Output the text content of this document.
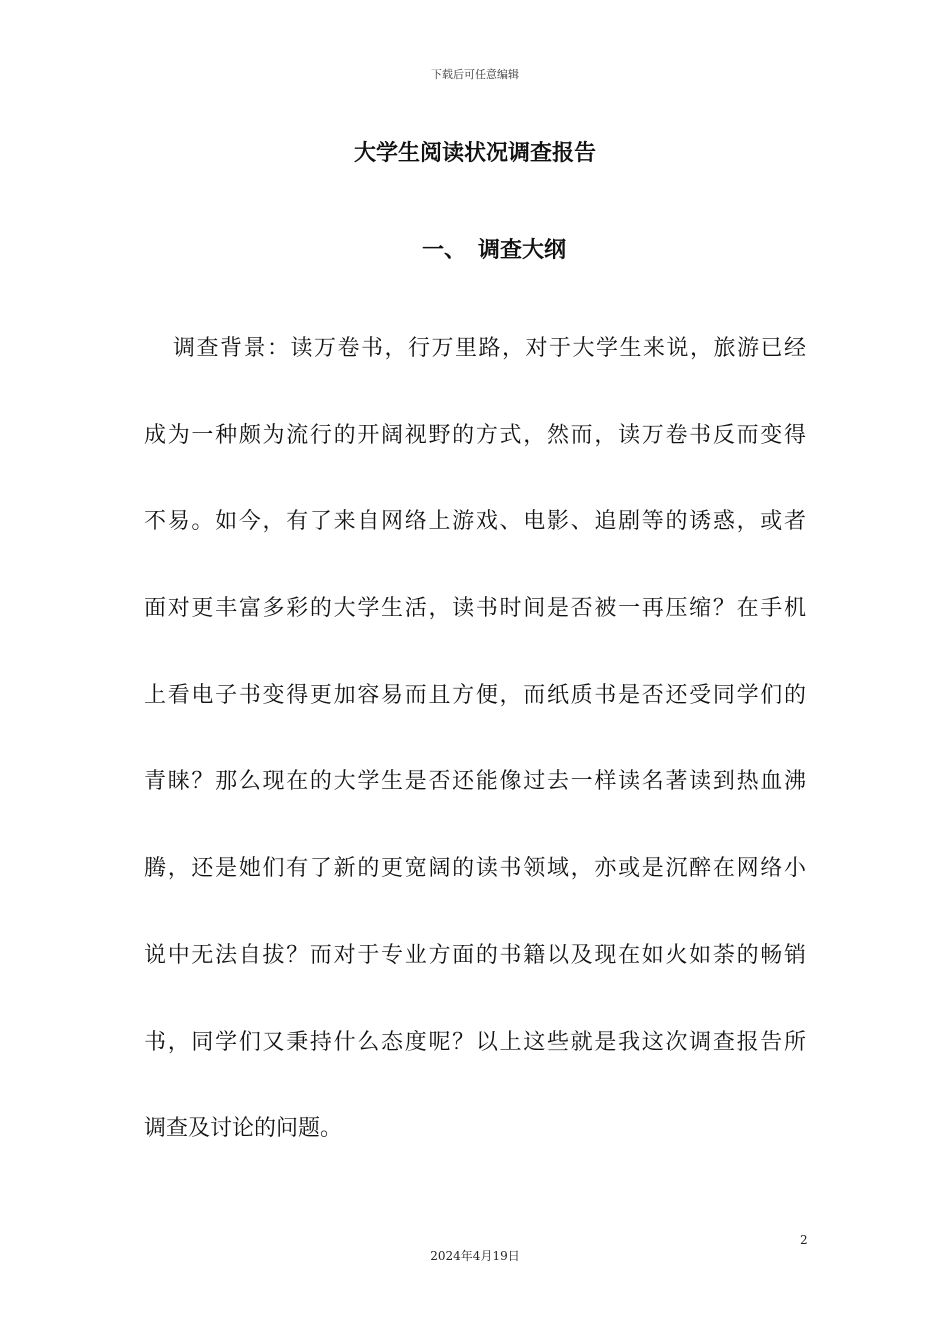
下载后可任意编辑
大学生阅读状况调查报告
一、 调查大纲
调查背景：读万卷书，行万里路，对于大学生来说，旅游已经
成为一种颇为流行的开阔视野的方式，然而，读万卷书反而变得
不易。如今，有了来自网络上游戏、电影、追剧等的诱惑，或者
面对更丰富多彩的大学生活，读书时间是否被一再压缩？在手机
上看电子书变得更加容易而且方便，而纸质书是否还受同学们的
青睐？那么现在的大学生是否还能像过去一样读名著读到热血沸
腾，还是她们有了新的更宽阔的读书领域，亦或是沉醉在网络小
说中无法自拔？而对于专业方面的书籍以及现在如火如荼的畅销
书，同学们又秉持什么态度呢？以上这些就是我这次调查报告所
调查及讨论的问题。
2
2024年4月19日
